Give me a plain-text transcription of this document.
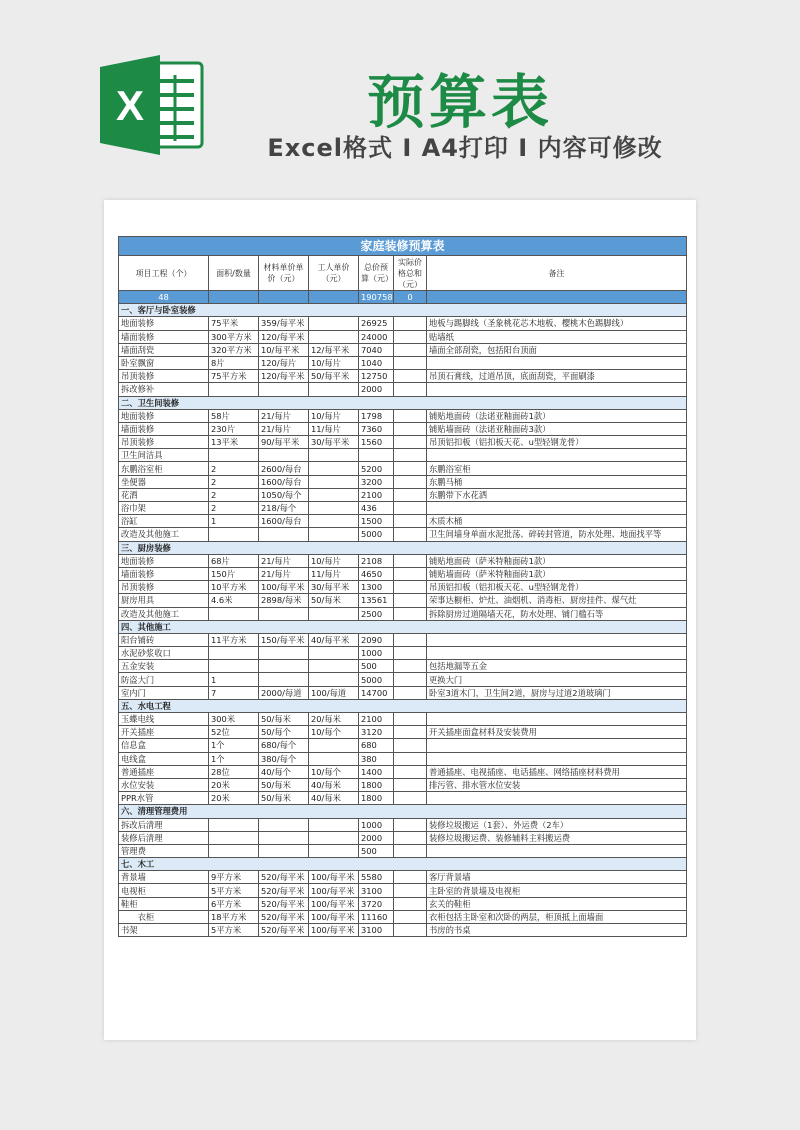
X	预算表
Excel格式 I A4打印 I 内容可修改
家庭装修预算表						
项目工程（个）	面积/数量	材料单价单价（元）	工人单价（元）	总价预算（元）	实际价格总和（元）	备注
48				190758	0	
一、客厅与卧室装修						
地面装修	75平米	359/每平米		26925		地板与踢脚线（圣象桃花芯木地板、樱桃木色踢脚线）
墙面装修	300平方米	120/每平米		24000		贴墙纸
墙面刮瓷	320平方米	10/每平米	12/每平米	7040		墙面全部刮瓷，包括阳台顶面
卧室飘窗	8片	120/每片	10/每片	1040		
吊顶装修	75平方米	120/每平米	50/每平米	12750		吊顶石膏线，过道吊顶，底面刮瓷，平面刷漆
拆改修补				2000		
二、卫生间装修						
地面装修	58片	21/每片	10/每片	1798		铺贴地面砖（法诺亚釉面砖1款）
墙面装修	230片	21/每片	11/每片	7360		铺贴墙面砖（法诺亚釉面砖3款）
吊顶装修	13平米	90/每平米	30/每平米	1560		吊顶铝扣板（铝扣板天花、u型轻钢龙骨）
卫生间洁具						
东鹏浴室柜	2	2600/每台		5200		东鹏浴室柜
坐便器	2	1600/每台		3200		东鹏马桶
花洒	2	1050/每个		2100		东鹏带下水花洒
浴巾架	2	218/每个		436		
浴缸	1	1600/每台		1500		木质木桶
改造及其他施工				5000		卫生间墙身单面水泥批荡、碎砖封管道，防水处理、地面找平等
三、厨房装修						
地面装修	68片	21/每片	10/每片	2108		铺贴地面砖（萨米特釉面砖1款）
墙面装修	150片	21/每片	11/每片	4650		铺贴墙面砖（萨米特釉面砖1款）
吊顶装修	10平方米	100/每平米	30/每平米	1300		吊顶铝扣板（铝扣板天花、u型轻钢龙骨）
厨房用具	4.6米	2898/每米	50/每米	13561		荣事达橱柜、炉灶、油烟机、消毒柜、厨房挂件、煤气灶
改造及其他施工				2500		拆除厨房过道隔墙天花，防水处理、铺门槛石等
四、其他施工						
阳台铺砖	11平方米	150/每平米	40/每平米	2090		
水泥砂浆收口				1000		
五金安装				500		包括地漏等五金
防盗大门	1			5000		更换大门
室内门	7	2000/每道	100/每道	14700		卧室3道木门，卫生间2道，厨房与过道2道玻璃门
五、水电工程						
玉蝶电线	300米	50/每米	20/每米	2100		
开关插座	52位	50/每个	10/每个	3120		开关插座面盒材料及安装费用
信息盒	1个	680/每个		680		
电线盒	1个	380/每个		380		
普通插座	28位	40/每个	10/每个	1400		普通插座、电视插座、电话插座、网络插座材料费用
水位安装	20米	50/每米	40/每米	1800		排污管、排水管水位安装
PPR水管	20米	50/每米	40/每米	1800		
六、清理管理费用						
拆改后清理				1000		装修垃圾搬运（1套）、外运费（2车）
装修后清理				2000		装修垃圾搬运费、装修辅料主料搬运费
管理费				500		
七、木工						
背景墙	9平方米	520/每平米	100/每平米	5580		客厅背景墙
电视柜	5平方米	520/每平米	100/每平米	3100		主卧室的背景墙及电视柜
鞋柜	6平方米	520/每平米	100/每平米	3720		玄关的鞋柜
　　衣柜	18平方米	520/每平米	100/每平米	11160		衣柜包括主卧室和次卧的两层，柜顶抵上面墙面
书架	5平方米	520/每平米	100/每平米	3100		书房的书桌
